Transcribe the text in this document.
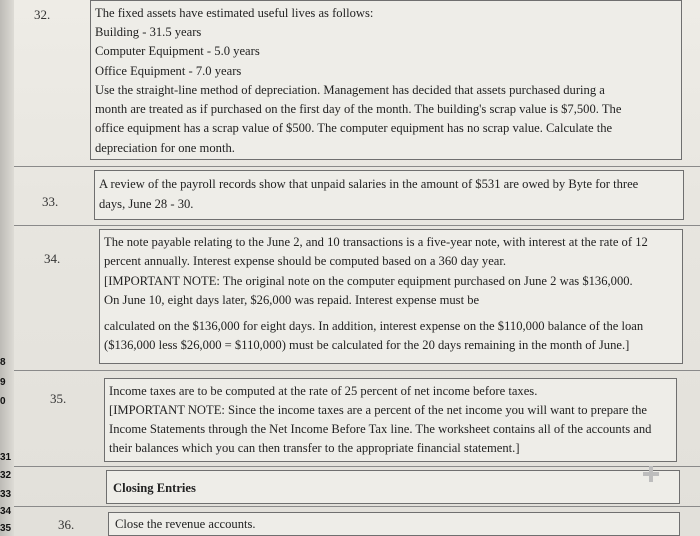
8
9
0
31
32
33
34
35
32.	The fixed assets have estimated useful lives as follows:
Building - 31.5 years
Computer Equipment - 5.0 years
Office Equipment - 7.0 years
Use the straight-line method of depreciation. Management has decided that assets purchased during a
month are treated as if purchased on the first day of the month. The building's scrap value is $7,500. The
office equipment has a scrap value of $500. The computer equipment has no scrap value. Calculate the
depreciation for one month.
33.
A review of the payroll records show that unpaid salaries in the amount of $531 are owed by Byte for three
days, June 28 - 30.
34.
The note payable relating to the June 2, and 10 transactions is a five-year note, with interest at the rate of 12
percent annually. Interest expense should be computed based on a 360 day year.
[IMPORTANT NOTE: The original note on the computer equipment purchased on June 2 was $136,000.
On June 10, eight days later, $26,000 was repaid. Interest expense must be
calculated on the $136,000 for eight days. In addition, interest expense on the $110,000 balance of the loan
($136,000 less $26,000 = $110,000) must be calculated for the 20 days remaining in the month of June.]
35.	Income taxes are to be computed at the rate of 25 percent of net income before taxes.
[IMPORTANT NOTE: Since the income taxes are a percent of the net income you will want to prepare the
Income Statements through the Net Income Before Tax line. The worksheet contains all of the accounts and
their balances which you can then transfer to the appropriate financial statement.]
Closing Entries
36.	Close the revenue accounts.
